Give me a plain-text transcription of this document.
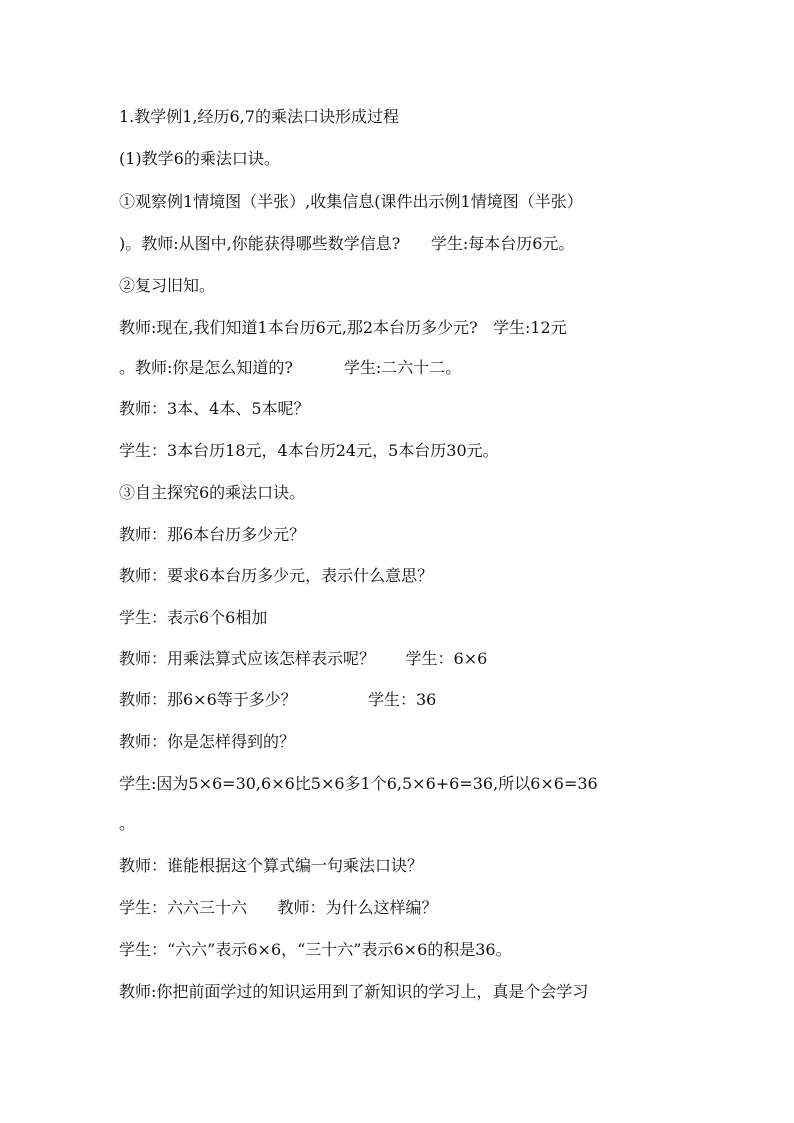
1.教学例1,经历6,7的乘法口诀形成过程
(1)教学6的乘法口诀。
①观察例1情境图（半张）,收集信息(课件出示例1情境图（半张）
)。教师:从图中,你能获得哪些数学信息?      学生:每本台历6元。
②复习旧知。
教师:现在,我们知道1本台历6元,那2本台历多少元?   学生:12元
。教师:你是怎么知道的?          学生:二六十二。
教师：3本、4本、5本呢？
学生：3本台历18元，4本台历24元，5本台历30元。
③自主探究6的乘法口诀。
教师：那6本台历多少元？
教师：要求6本台历多少元，表示什么意思？
学生：表示6个6相加
教师：用乘法算式应该怎样表示呢？      学生：6×6
教师：那6×6等于多少？              学生：36
教师：你是怎样得到的？
学生:因为5×6=30,6×6比5×6多1个6,5×6+6=36,所以6×6=36
。
教师：谁能根据这个算式编一句乘法口诀？
学生：六六三十六      教师：为什么这样编？
学生：“六六”表示6×6，“三十六”表示6×6的积是36。
教师:你把前面学过的知识运用到了新知识的学习上，真是个会学习
